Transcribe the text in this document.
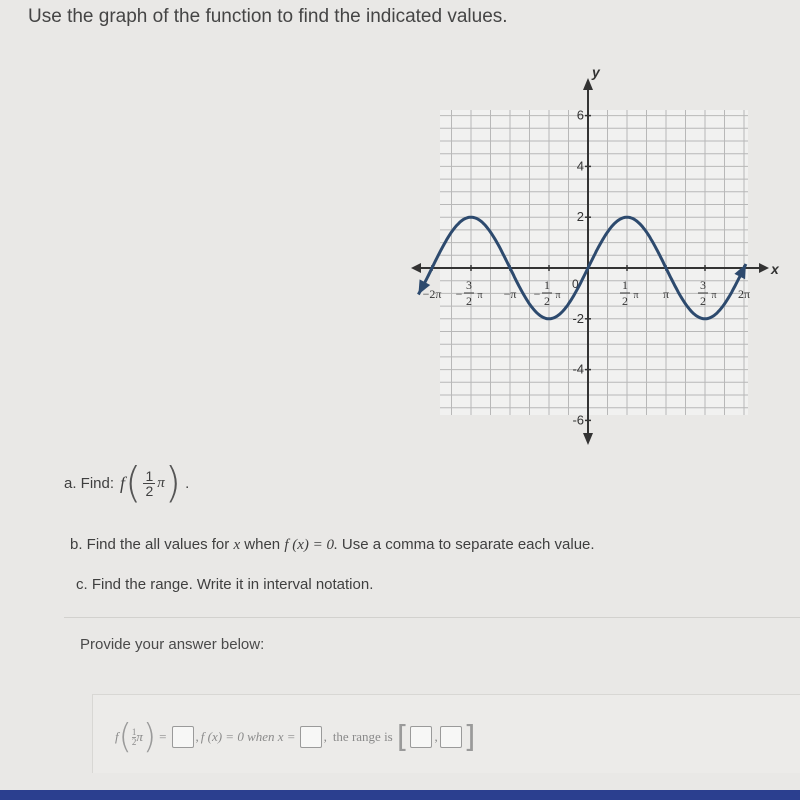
Use the graph of the function to find the indicated values.
y
x
6
4
2
-2
-4
-6
−2π −
3
2 π −π −
1
2 π
1
2 π π
3
2 π 2π
0
a. Find: f ( $\frac{1}{2}$ π ) .
b. Find the all values for x when f (x) = 0. Use a comma to separate each value.
c. Find the range. Write it in interval notation.
Provide your answer below:
f ( $\frac{1}{2}$ π ) = , f (x) = 0 when x = , the range is [ , ]
